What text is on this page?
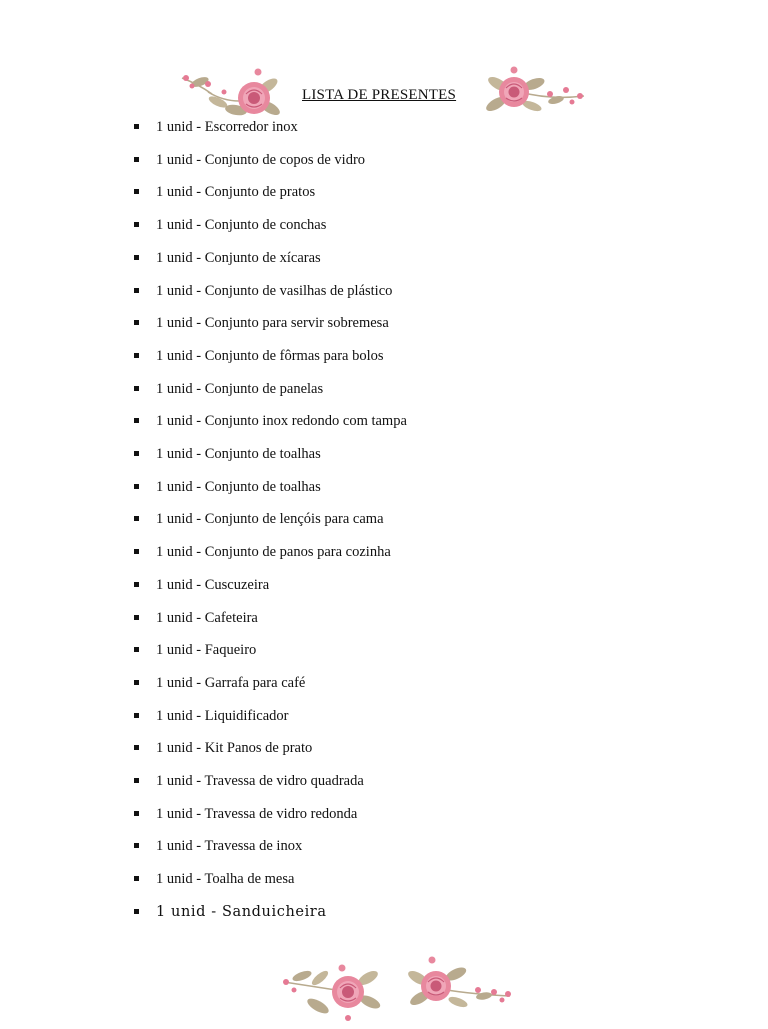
LISTA DE PRESENTES
1 unid - Escorredor inox
1 unid - Conjunto de copos de vidro
1 unid - Conjunto de pratos
1 unid - Conjunto de conchas
1 unid - Conjunto de xícaras
1 unid - Conjunto de vasilhas de plástico
1 unid - Conjunto para servir sobremesa
1 unid - Conjunto de fôrmas para bolos
1 unid - Conjunto de panelas
1 unid - Conjunto inox redondo com tampa
1 unid - Conjunto de toalhas
1 unid - Conjunto de toalhas
1 unid - Conjunto de lençóis para cama
1 unid - Conjunto de panos para cozinha
1 unid - Cuscuzeira
1 unid - Cafeteira
1 unid - Faqueiro
1 unid - Garrafa para café
1 unid - Liquidificador
1 unid - Kit Panos de prato
1 unid - Travessa de vidro quadrada
1 unid - Travessa de vidro redonda
1 unid - Travessa de inox
1 unid - Toalha de mesa
1 unid - Sanduicheira
